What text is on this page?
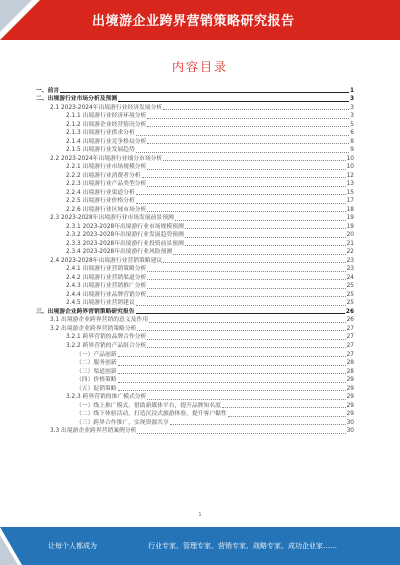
出境游企业跨界营销策略研究报告
内容目录
一、前言	1
二、出境游行业市场分析及预测	3
2.1 2023-2024年出境游行业经济发展分析	3
2.1.1 出境游行业经济环境分析	3
2.1.2 出境游企业经营情况分析	5
2.1.3 出境游行业供求分析	6
2.1.4 出境游行业竞争格局分析	8
2.1.5 出境游行业发展趋势	9
2.2 2023-2024年出境游行业细分市场分析	10
2.2.1 出境游行业市场规模分析	10
2.2.2 出境游行业消费者分析	12
2.2.3 出境游行业产品类型分析	13
2.2.4 出境游行业渠道分析	15
2.2.5 出境游行业价格分析	17
2.2.6 出境游行业区域市场分析	18
2.3 2023-2028年出境游行业市场发展前景预测	19
2.3.1 2023-2028年出境游行业市场规模预测	19
2.3.2 2023-2028年出境游行业发展趋势预测	20
2.3.3 2023-2028年出境游行业投资前景预测	21
2.3.4 2023-2028年出境游行业风险预测	22
2.4 2023-2028年出境游行业营销策略建议	23
2.4.1 出境游行业营销策略分析	23
2.4.2 出境游行业营销渠道分析	24
2.4.3 出境游行业营销推广分析	25
2.4.4 出境游行业品牌营销分析	25
2.4.5 出境游行业营销建议	25
三、出境游企业跨界营销策略研究报告	26
3.1 出境游企业跨界营销的意义及作用	26
3.2 出境游企业跨界营销策略分析	27
3.2.1 跨界营销的品牌合作分析	27
3.2.2 跨界营销的产品组合分析	27
（一）产品创新	27
（二）服务创新	28
（三）渠道创新	28
（四）价格策略	29
（五）促销策略	29
3.2.3 跨界营销的推广模式分析	29
（一）线上推广模式，借助新媒体平台，提升品牌知名度	29
（二）线下体验活动，打造沉浸式旅游体验，提升客户黏性	29
（三）跨界合作推广，实现资源共享	30
3.3 出境游企业跨界营销案例分析	30
1
让每个人都成为	行业专家、管理专家、营销专家、战略专家、成功企业家……
